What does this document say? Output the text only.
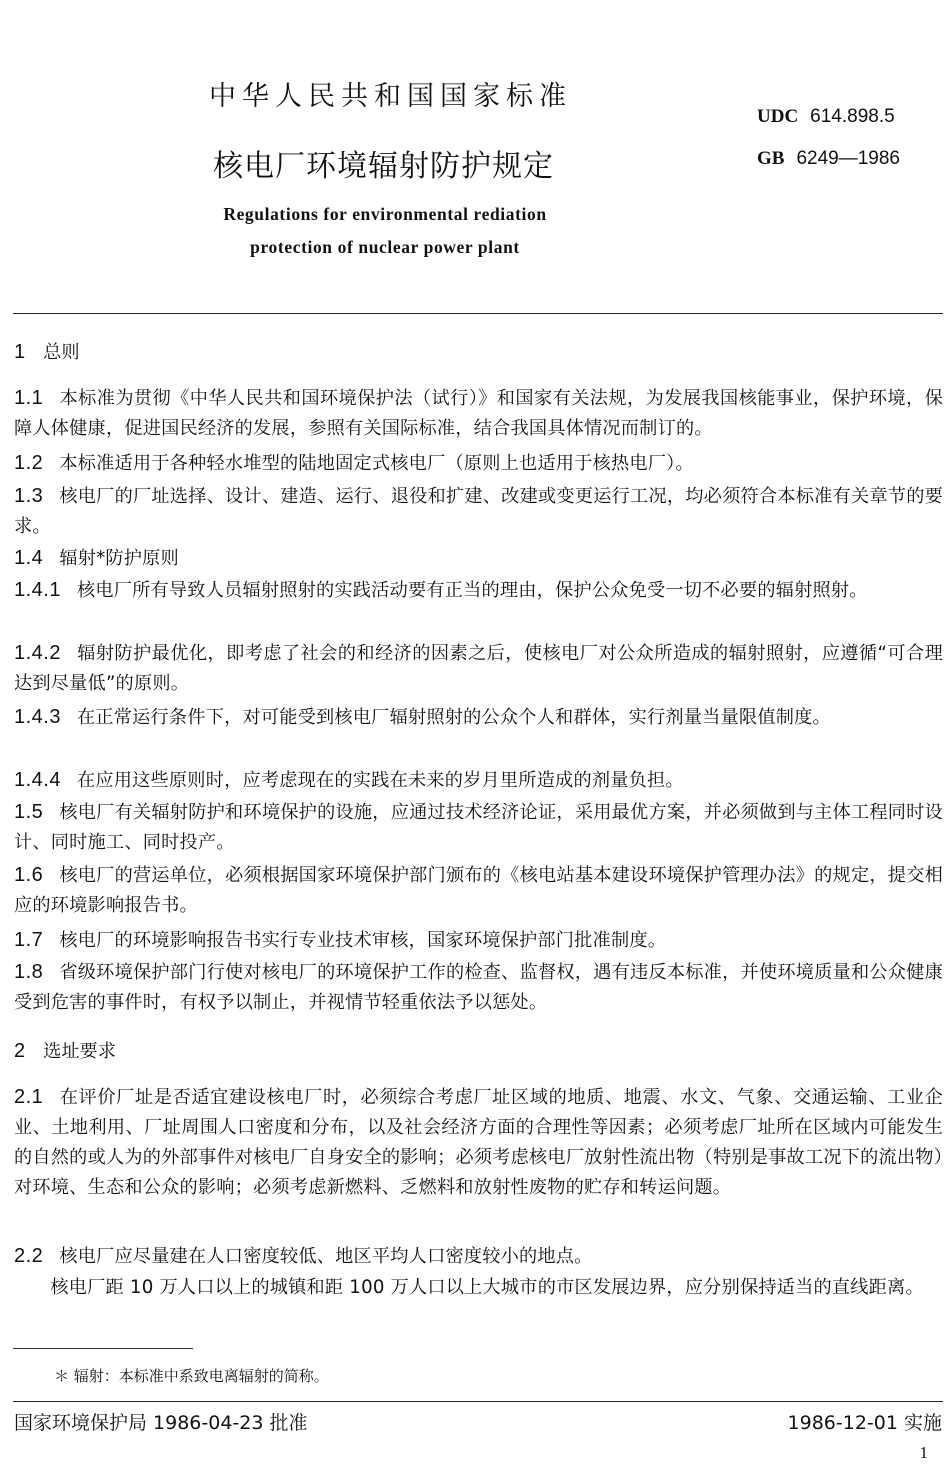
中华人民共和国国家标准
核电厂环境辐射防护规定
Regulations for environmental rediation
protection of nuclear power plant
UDC 614.898.5
GB 6249—1986
1 总则
1.1 本标准为贯彻《中华人民共和国环境保护法（试行）》和国家有关法规，为发展我国核能事业，保护环境，保障人体健康，促进国民经济的发展，参照有关国际标准，结合我国具体情况而制订的。
1.2 本标准适用于各种轻水堆型的陆地固定式核电厂（原则上也适用于核热电厂）。
1.3 核电厂的厂址选择、设计、建造、运行、退役和扩建、改建或变更运行工况，均必须符合本标准有关章节的要求。
1.4 辐射*防护原则
1.4.1 核电厂所有导致人员辐射照射的实践活动要有正当的理由，保护公众免受一切不必要的辐射照射。
1.4.2 辐射防护最优化，即考虑了社会的和经济的因素之后，使核电厂对公众所造成的辐射照射，应遵循“可合理达到尽量低”的原则。
1.4.3 在正常运行条件下，对可能受到核电厂辐射照射的公众个人和群体，实行剂量当量限值制度。
1.4.4 在应用这些原则时，应考虑现在的实践在未来的岁月里所造成的剂量负担。
1.5 核电厂有关辐射防护和环境保护的设施，应通过技术经济论证，采用最优方案，并必须做到与主体工程同时设计、同时施工、同时投产。
1.6 核电厂的营运单位，必须根据国家环境保护部门颁布的《核电站基本建设环境保护管理办法》的规定，提交相应的环境影响报告书。
1.7 核电厂的环境影响报告书实行专业技术审核，国家环境保护部门批准制度。
1.8 省级环境保护部门行使对核电厂的环境保护工作的检查、监督权，遇有违反本标准，并使环境质量和公众健康受到危害的事件时，有权予以制止，并视情节轻重依法予以惩处。
2 选址要求
2.1 在评价厂址是否适宜建设核电厂时，必须综合考虑厂址区域的地质、地震、水文、气象、交通运输、工业企业、土地利用、厂址周围人口密度和分布，以及社会经济方面的合理性等因素；必须考虑厂址所在区域内可能发生的自然的或人为的外部事件对核电厂自身安全的影响；必须考虑核电厂放射性流出物（特别是事故工况下的流出物）对环境、生态和公众的影响；必须考虑新燃料、乏燃料和放射性废物的贮存和转运问题。
2.2 核电厂应尽量建在人口密度较低、地区平均人口密度较小的地点。
核电厂距 10 万人口以上的城镇和距 100 万人口以上大城市的市区发展边界，应分别保持适当的直线距离。
＊ 辐射：本标准中系致电离辐射的简称。
国家环境保护局 1986-04-23 批准	1986-12-01 实施
1
